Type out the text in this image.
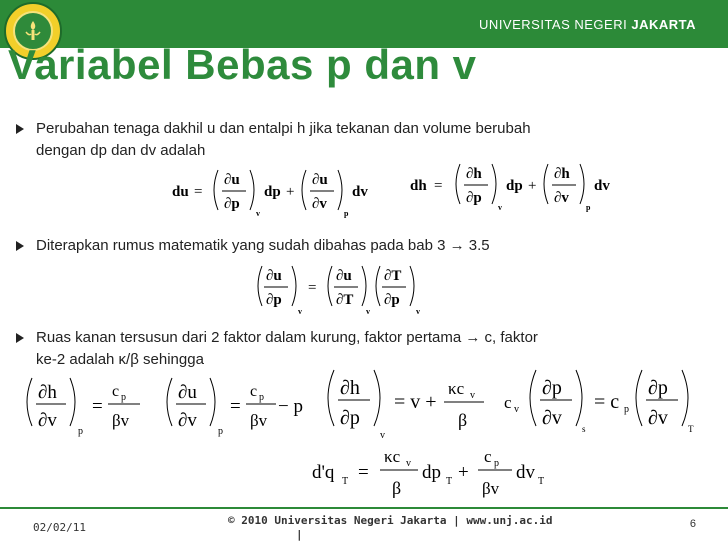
UNIVERSITAS NEGERI JAKARTA
Variabel Bebas p dan v
Perubahan tenaga dakhil u dan entalpi h jika tekanan dan volume berubah
dengan dp dan dv adalah
du =
∂u
∂p
v
dp +
∂u
∂v
p
dv	dh =
∂h
∂p
v
dp +
∂h
∂v
p
dv
Diterapkan rumus matematik yang sudah dibahas pada bab 3 → 3.5
∂u
∂p
v
=
∂u
∂T
v
∂T
∂p
v
Ruas kanan tersusun dari 2 faktor dalam kurung, faktor pertama → c, faktor
ke-2 adalah κ/β sehingga
∂h
∂v
p
=
c p
βv
∂u
∂v
p
=
c p
βv
− p
∂h
∂p
v
= v +
κc v
β
c v
∂p
∂v s
= c p
∂p
∂v T
d'q T =
κc v
β
dp T +
c p
βv
dv T
02/02/11
© 2010 Universitas Negeri Jakarta | www.unj.ac.id
|
6
